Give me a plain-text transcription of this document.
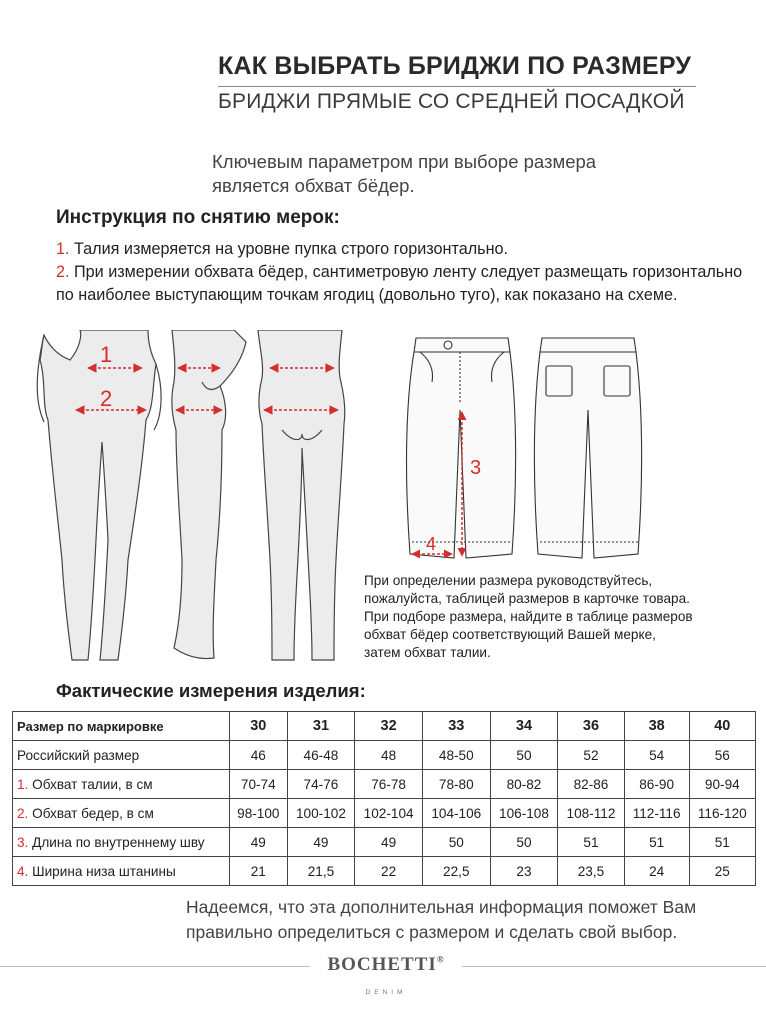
КАК ВЫБРАТЬ БРИДЖИ ПО РАЗМЕРУ
БРИДЖИ ПРЯМЫЕ СО СРЕДНЕЙ ПОСАДКОЙ
Ключевым параметром при выборе размера
является обхват бёдер.
Инструкция по снятию мерок:
1. Талия измеряется на уровне пупка строго горизонтально.
2. При измерении обхвата бёдер, сантиметровую ленту следует размещать горизонтально по наиболее выступающим точкам ягодиц (довольно туго), как показано на схеме.
1
2
3
4
При определении размера руководствуйтесь,
пожалуйста, таблицей размеров в карточке товара.
При подборе размера, найдите в таблице размеров
обхват бёдер соответствующий Вашей мерке,
затем обхват талии.
Фактические измерения изделия:
Размер по маркировке	30	31	32	33	34	36	38	40
Российский размер	46	46-48	48	48-50	50	52	54	56
1. Обхват талии, в см	70-74	74-76	76-78	78-80	80-82	82-86	86-90	90-94
2. Обхват бедер, в см	98-100	100-102	102-104	104-106	106-108	108-112	112-116	116-120
3. Длина по внутреннему шву	49	49	49	50	50	51	51	51
4. Ширина низа штанины	21	21,5	22	22,5	23	23,5	24	25
Надеемся, что эта дополнительная информация поможет Вам
правильно определиться с размером и сделать свой выбор.
BOCHETTI®
DENIM
